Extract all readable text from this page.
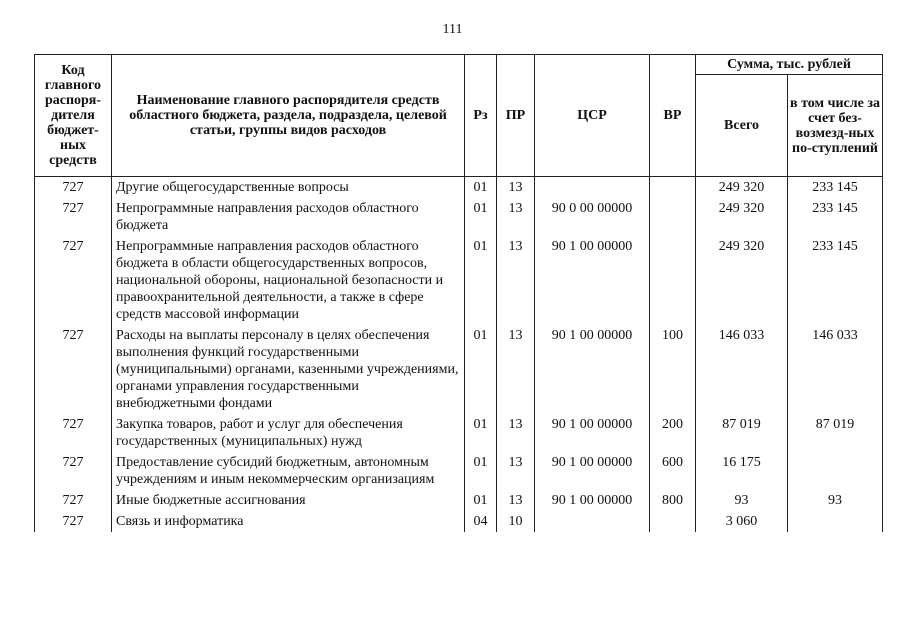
111
Код главного распоря-дителя бюджет-ных средств	Наименование главного распорядителя средств областного бюджета, раздела, подраздела, целевой статьи, группы видов расходов	Рз	ПР	ЦСР	ВР	Сумма, тыс. рублей	
						Всего	в том числе за счет без-возмезд-ных по-ступлений
727	Другие общегосударственные вопросы	01	13			249 320	233 145
727	Непрограммные направления расходов областного бюджета	01	13	90 0 00 00000		249 320	233 145
727	Непрограммные направления расходов областного бюджета в области общегосударственных вопросов, национальной обороны, национальной безопасности и правоохранительной деятельности, а также в сфере средств массовой информации	01	13	90 1 00 00000		249 320	233 145
727	Расходы на выплаты персоналу в целях обеспечения выполнения функций государственными (муниципальными) органами, казенными учреждениями, органами управления государственными внебюджетными фондами	01	13	90 1 00 00000	100	146 033	146 033
727	Закупка товаров, работ и услуг для обеспечения государственных (муниципальных) нужд	01	13	90 1 00 00000	200	87 019	87 019
727	Предоставление субсидий бюджетным, автономным учреждениям и иным некоммерческим организациям	01	13	90 1 00 00000	600	16 175	
727	Иные бюджетные ассигнования	01	13	90 1 00 00000	800	93	93
727	Связь и информатика	04	10			3 060	
